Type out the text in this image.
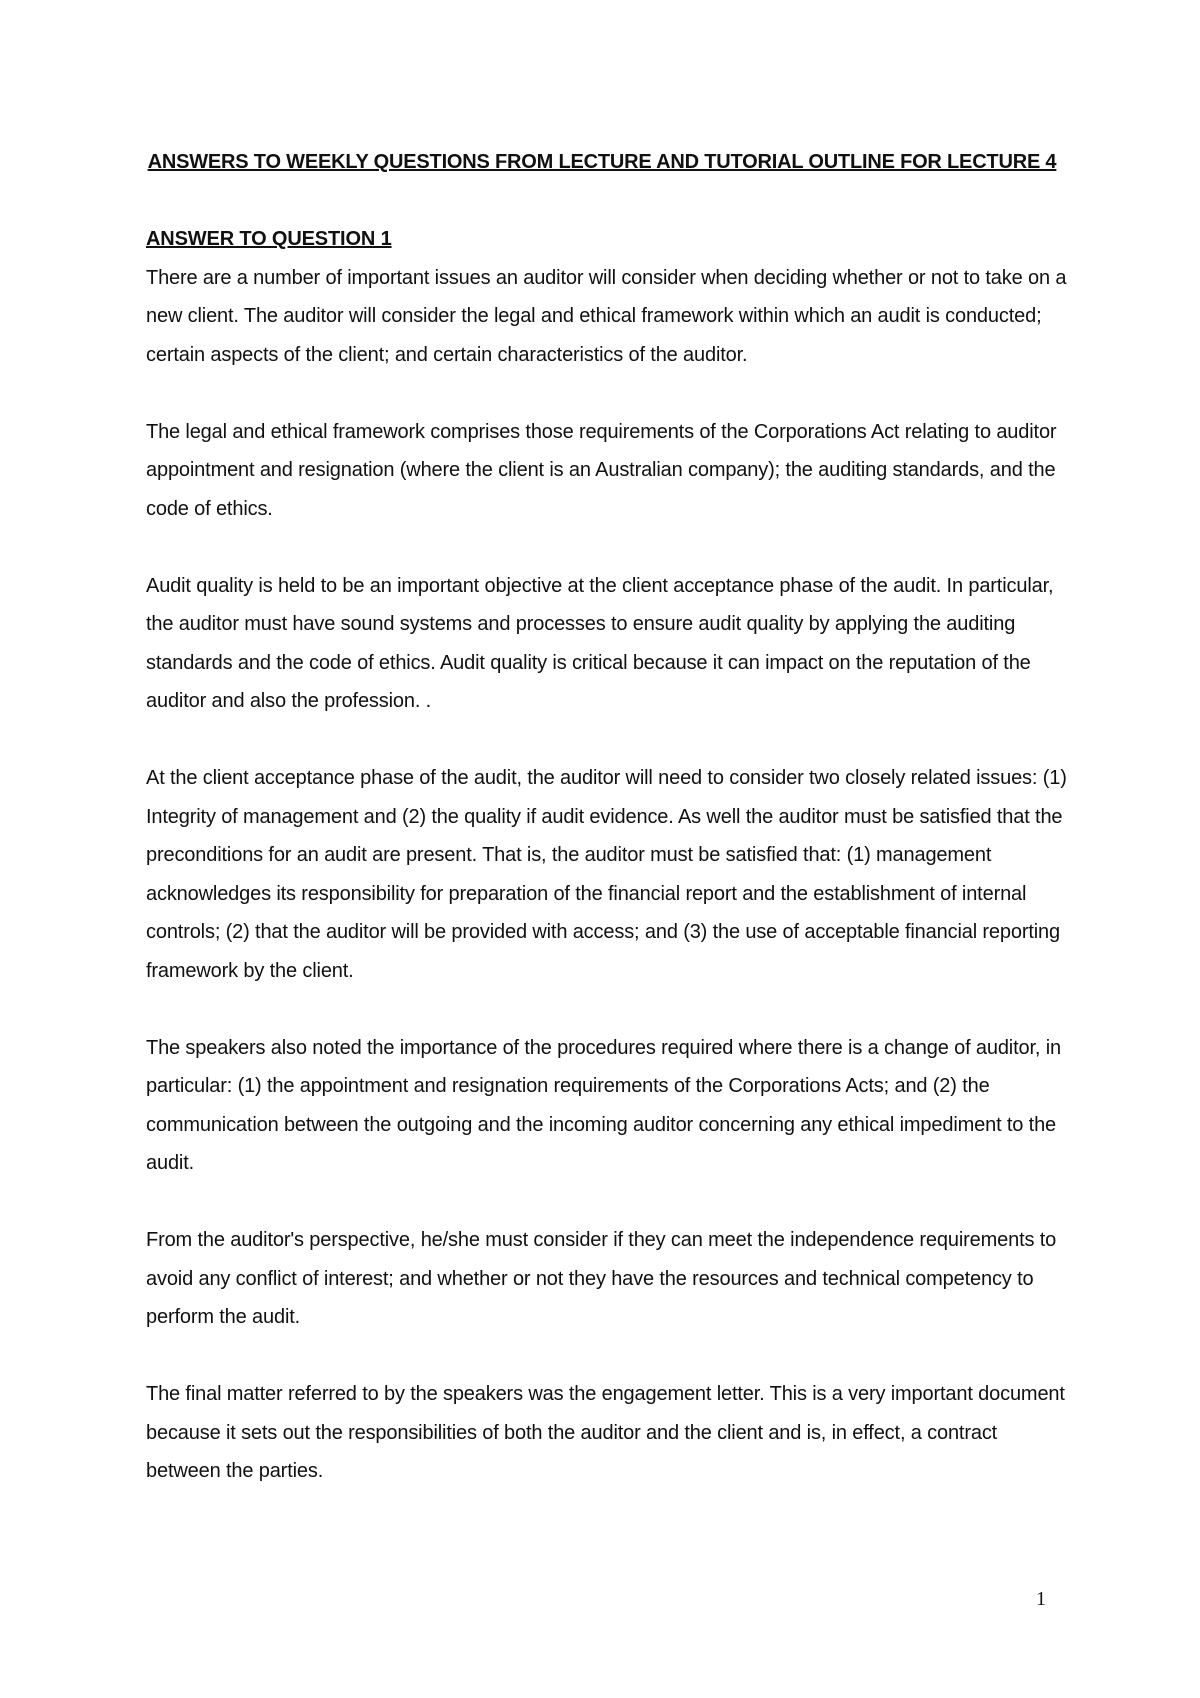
ANSWERS TO WEEKLY QUESTIONS FROM LECTURE AND TUTORIAL OUTLINE FOR LECTURE 4

ANSWER TO QUESTION 1

There are a number of important issues an auditor will consider when deciding whether or not to take on a new client. The auditor will consider the legal and ethical framework within which an audit is conducted; certain aspects of the client; and certain characteristics of the auditor.

The legal and ethical framework comprises those requirements of the Corporations Act relating to auditor appointment and resignation (where the client is an Australian company); the auditing standards, and the code of ethics.

Audit quality is held to be an important objective at the client acceptance phase of the audit. In particular, the auditor must have sound systems and processes to ensure audit quality by applying the auditing standards and the code of ethics. Audit quality is critical because it can impact on the reputation of the auditor and also the profession. .

At the client acceptance phase of the audit, the auditor will need to consider two closely related issues: (1) Integrity of management and (2) the quality if audit evidence. As well the auditor must be satisfied that the preconditions for an audit are present. That is, the auditor must be satisfied that: (1) management acknowledges its responsibility for preparation of the financial report and the establishment of internal controls; (2) that the auditor will be provided with access; and (3) the use of acceptable financial reporting framework by the client.

The speakers also noted the importance of the procedures required where there is a change of auditor, in particular: (1) the appointment and resignation requirements of the Corporations Acts; and (2) the communication between the outgoing and the incoming auditor concerning any ethical impediment to the audit.

From the auditor's perspective, he/she must consider if they can meet the independence requirements to avoid any conflict of interest; and whether or not they have the resources and technical competency to perform the audit.

The final matter referred to by the speakers was the engagement letter. This is a very important document because it sets out the responsibilities of both the auditor and the client and is, in effect, a contract between the parties.

1
